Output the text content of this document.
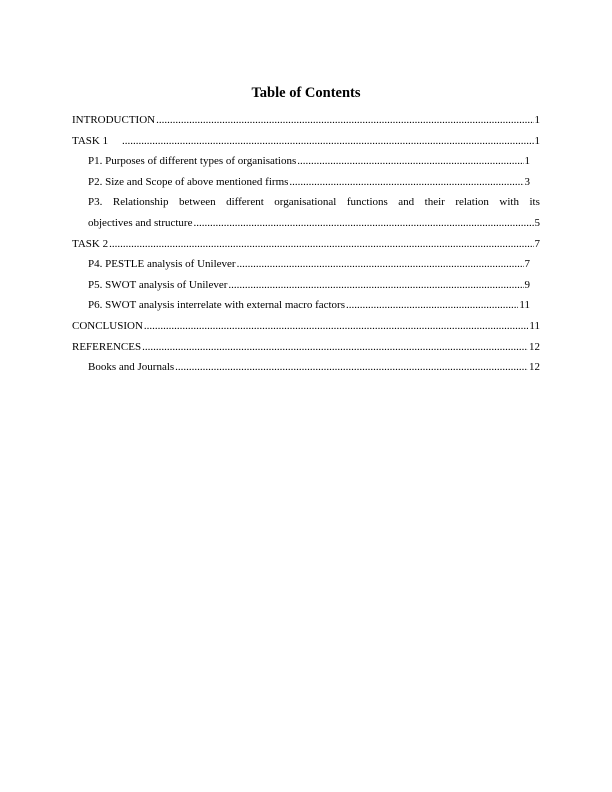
Table of Contents
INTRODUCTION .....	1
TASK 1 .....	1
P1. Purposes of different types of organisations .....	1
P2. Size and Scope of above mentioned firms .....	3
P3. Relationship between different organisational functions and their relation with its
objectives and structure .....	5
TASK 2 .....	7
P4. PESTLE analysis of Unilever .....	7
P5. SWOT analysis of Unilever .....	9
P6. SWOT analysis interrelate with external macro factors .....	11
CONCLUSION .....	11
REFERENCES .....	12
Books and Journals .....	12
